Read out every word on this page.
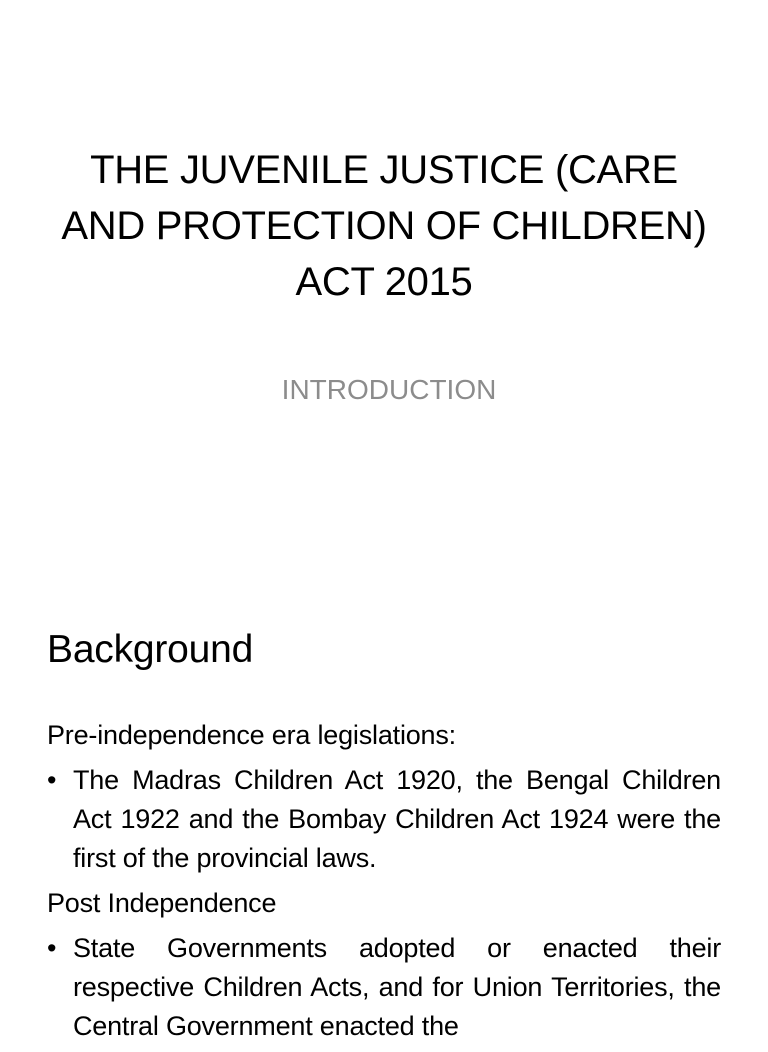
THE JUVENILE JUSTICE (CARE
AND PROTECTION OF CHILDREN)
ACT 2015

INTRODUCTION

Background

Pre-independence era legislations:

• The Madras Children Act 1920, the Bengal Children Act 1922 and the Bombay Children Act 1924 were the first of the provincial laws.

Post Independence

• State Governments adopted or enacted their respective Children Acts, and for Union Territories, the Central Government enacted the
